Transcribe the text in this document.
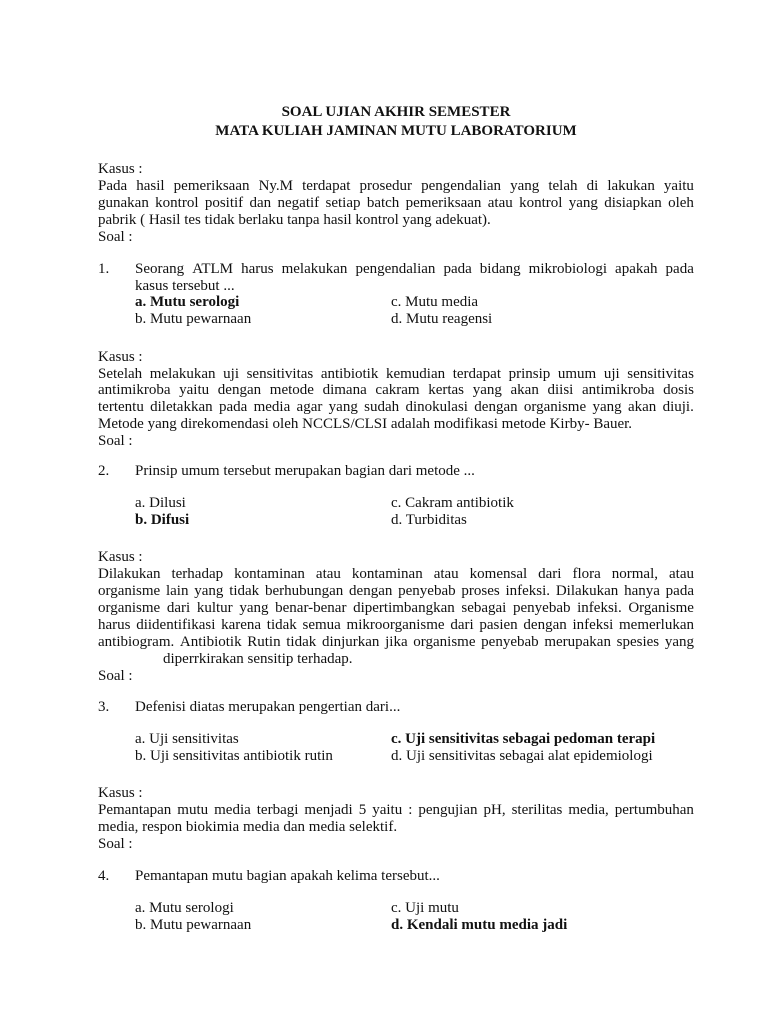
SOAL UJIAN AKHIR SEMESTER
MATA KULIAH JAMINAN MUTU LABORATORIUM
Kasus :
Pada hasil pemeriksaan Ny.M terdapat prosedur pengendalian yang telah di lakukan yaitu
gunakan kontrol positif dan negatif setiap batch pemeriksaan atau kontrol yang disiapkan oleh
pabrik ( Hasil tes tidak berlaku tanpa hasil kontrol yang adekuat).
Soal :
1. Seorang ATLM harus melakukan pengendalian pada bidang mikrobiologi apakah pada
kasus tersebut ...
a. Mutu serologi
b. Mutu pewarnaan
c. Mutu media
d. Mutu reagensi
Kasus :
Setelah melakukan uji sensitivitas antibiotik kemudian terdapat prinsip umum uji sensitivitas
antimikroba yaitu dengan metode dimana cakram kertas yang akan diisi antimikroba dosis
tertentu diletakkan pada media agar yang sudah dinokulasi dengan organisme yang akan diuji.
Metode yang direkomendasi oleh NCCLS/CLSI adalah modifikasi metode Kirby- Bauer.
Soal :
2. Prinsip umum tersebut merupakan bagian dari metode ...
a. Dilusi
b. Difusi
c. Cakram antibiotik
d. Turbiditas
Kasus :
Dilakukan terhadap kontaminan atau kontaminan atau komensal dari flora normal, atau
organisme lain yang tidak berhubungan dengan penyebab proses infeksi. Dilakukan hanya pada
organisme dari kultur yang benar-benar dipertimbangkan sebagai penyebab infeksi. Organisme
harus diidentifikasi karena tidak semua mikroorganisme dari pasien dengan infeksi memerlukan
antibiogram. Antibiotik Rutin tidak dinjurkan jika organisme penyebab merupakan spesies yang
diperrkirakan sensitip terhadap.
Soal :
3. Defenisi diatas merupakan pengertian dari...
a. Uji sensitivitas
b. Uji sensitivitas antibiotik rutin
c. Uji sensitivitas sebagai pedoman terapi
d. Uji sensitivitas sebagai alat epidemiologi
Kasus :
Pemantapan mutu media terbagi menjadi 5 yaitu : pengujian pH, sterilitas media, pertumbuhan
media, respon biokimia media dan media selektif.
Soal :
4. Pemantapan mutu bagian apakah kelima tersebut...
a. Mutu serologi
b. Mutu pewarnaan
c. Uji mutu
d. Kendali mutu media jadi
